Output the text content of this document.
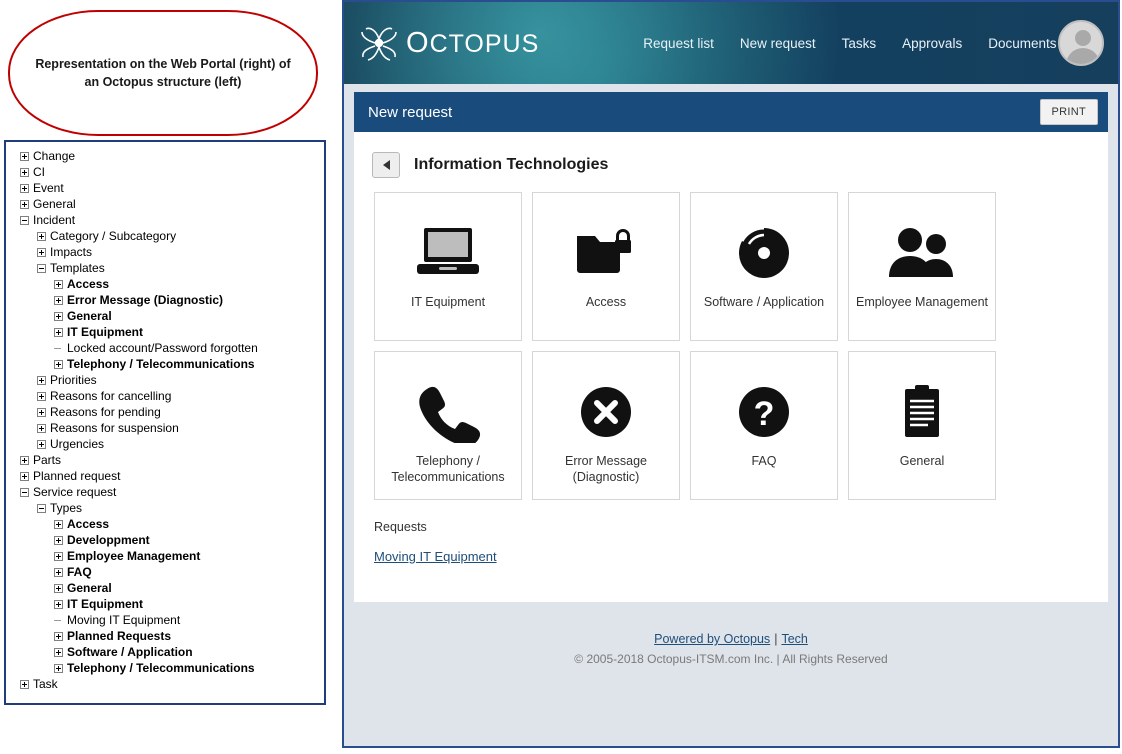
Representation on the Web Portal (right) of an Octopus structure (left)
Change
CI
Event
General
Incident
Category / Subcategory
Impacts
Templates
Access
Error Message (Diagnostic)
General
IT Equipment
Locked account/Password forgotten
Telephony / Telecommunications
Priorities
Reasons for cancelling
Reasons for pending
Reasons for suspension
Urgencies
Parts
Planned request
Service request
Types
Access
Developpment
Employee Management
FAQ
General
IT Equipment
Moving IT Equipment
Planned Requests
Software / Application
Telephony / Telecommunications
Task
OCTOPUS	Request list New request Tasks Approvals Documents
New request	PRINT
Information Technologies
IT Equipment	Access	Software / Application	Employee Management
Telephony / Telecommunications
Error Message (Diagnostic)
?
FAQ	General
Requests
Moving IT Equipment
Powered by Octopus | Tech
© 2005-2018 Octopus-ITSM.com Inc. | All Rights Reserved
